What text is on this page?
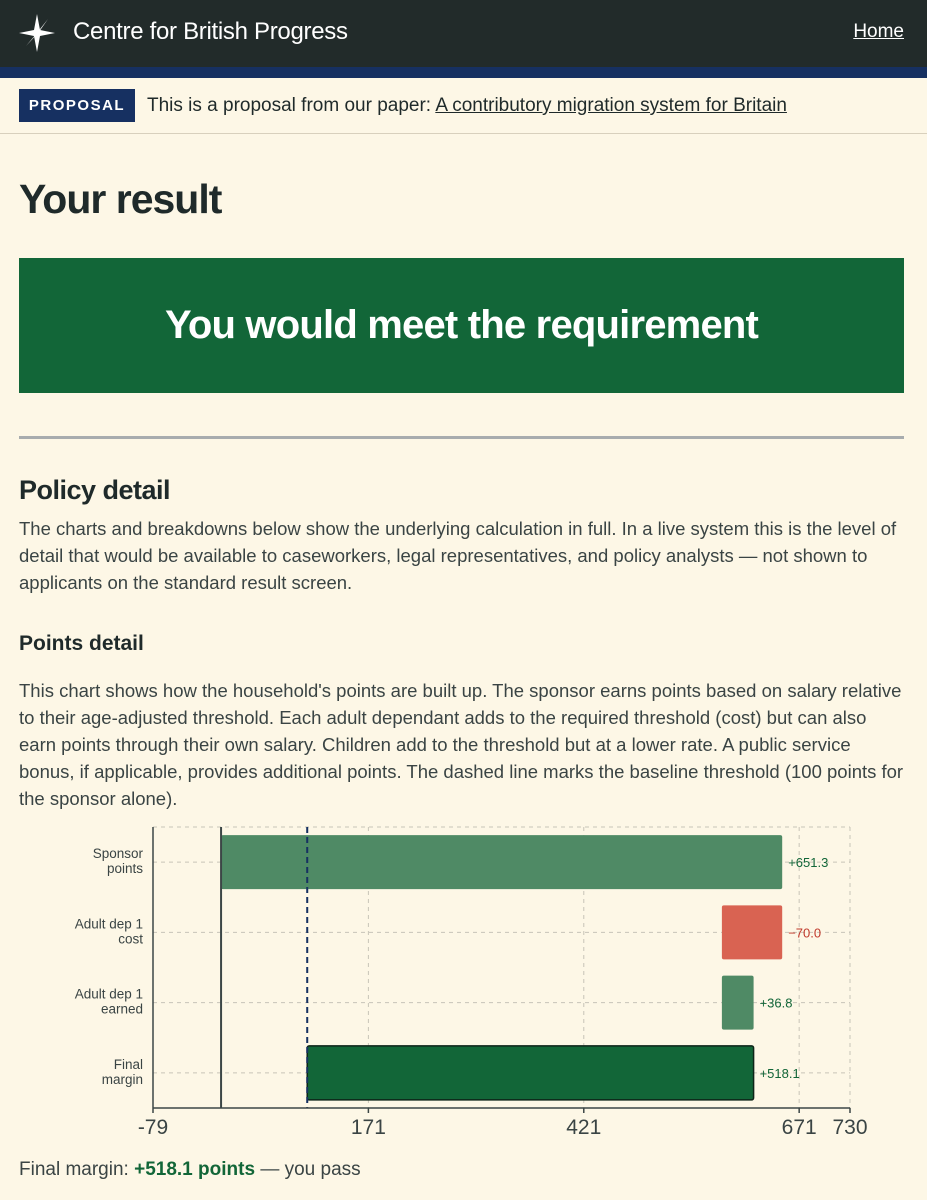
Centre for British Progress	Home
PROPOSAL	This is a proposal from our paper: A contributory migration system for Britain
Your result
You would meet the requirement
Policy detail
The charts and breakdowns below show the underlying calculation in full. In a live system this is the level of detail that would be available to caseworkers, legal representatives, and policy analysts — not shown to applicants on the standard result screen.
Points detail
This chart shows how the household's points are built up. The sponsor earns points based on salary relative to their age-adjusted threshold. Each adult dependant adds to the required threshold (cost) but can also earn points through their own salary. Children add to the threshold but at a lower rate. A public service bonus, if applicable, provides additional points. The dashed line marks the baseline threshold (100 points for the sponsor alone).
+651.3
Sponsor
points
−70.0
Adult dep 1
cost
+36.8
Adult dep 1
earned
+518.1
Final
margin
-79	171	421	671 730
Final margin: +518.1 points — you pass
